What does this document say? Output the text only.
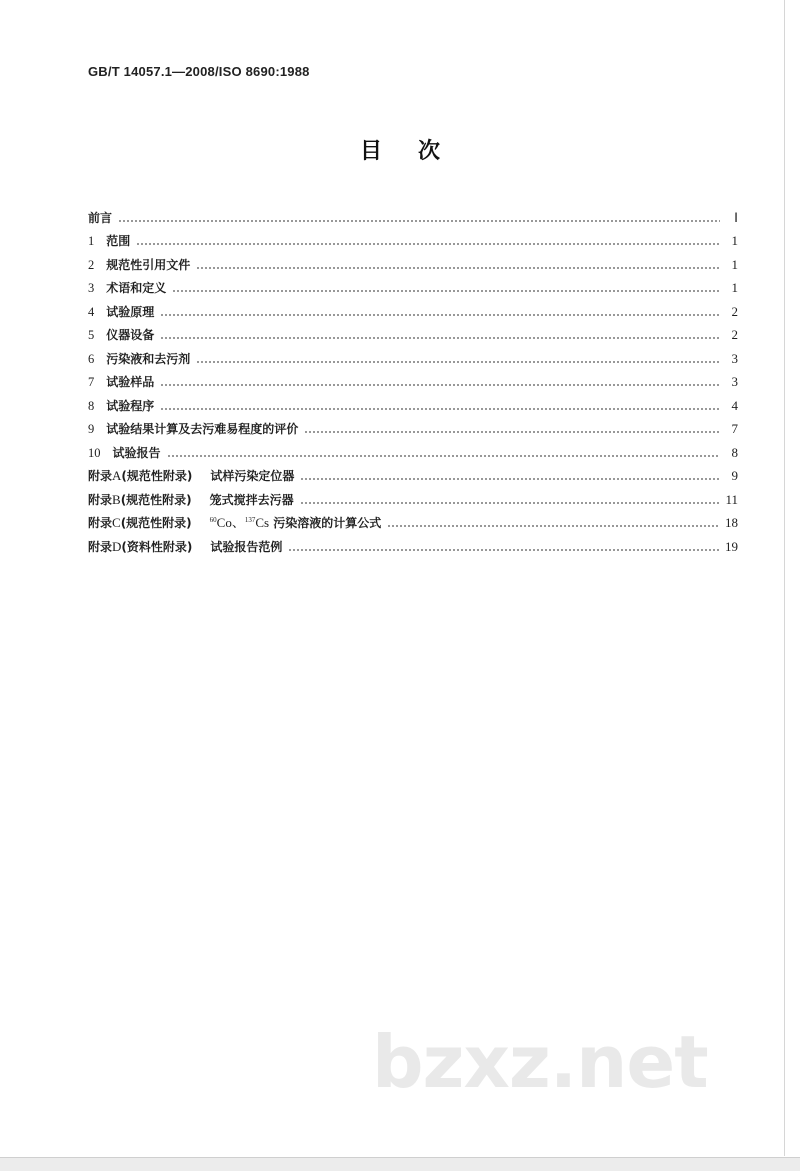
GB/T 14057.1—2008/ISO 8690:1988
目 次
前言	Ⅰ
1 范围	1
2 规范性引用文件	1
3 术语和定义	1
4 试验原理	2
5 仪器设备	2
6 污染液和去污剂	3
7 试验样品	3
8 试验程序	4
9 试验结果计算及去污难易程度的评价	7
10 试验报告	8
附录A(规范性附录) 试样污染定位器	9
附录B(规范性附录) 笼式搅拌去污器	11
附录C(规范性附录)	$^{60}$Co、$^{137}$Cs 污染溶液的计算公式	18
附录D(资料性附录) 试验报告范例	19
bzxz.net
